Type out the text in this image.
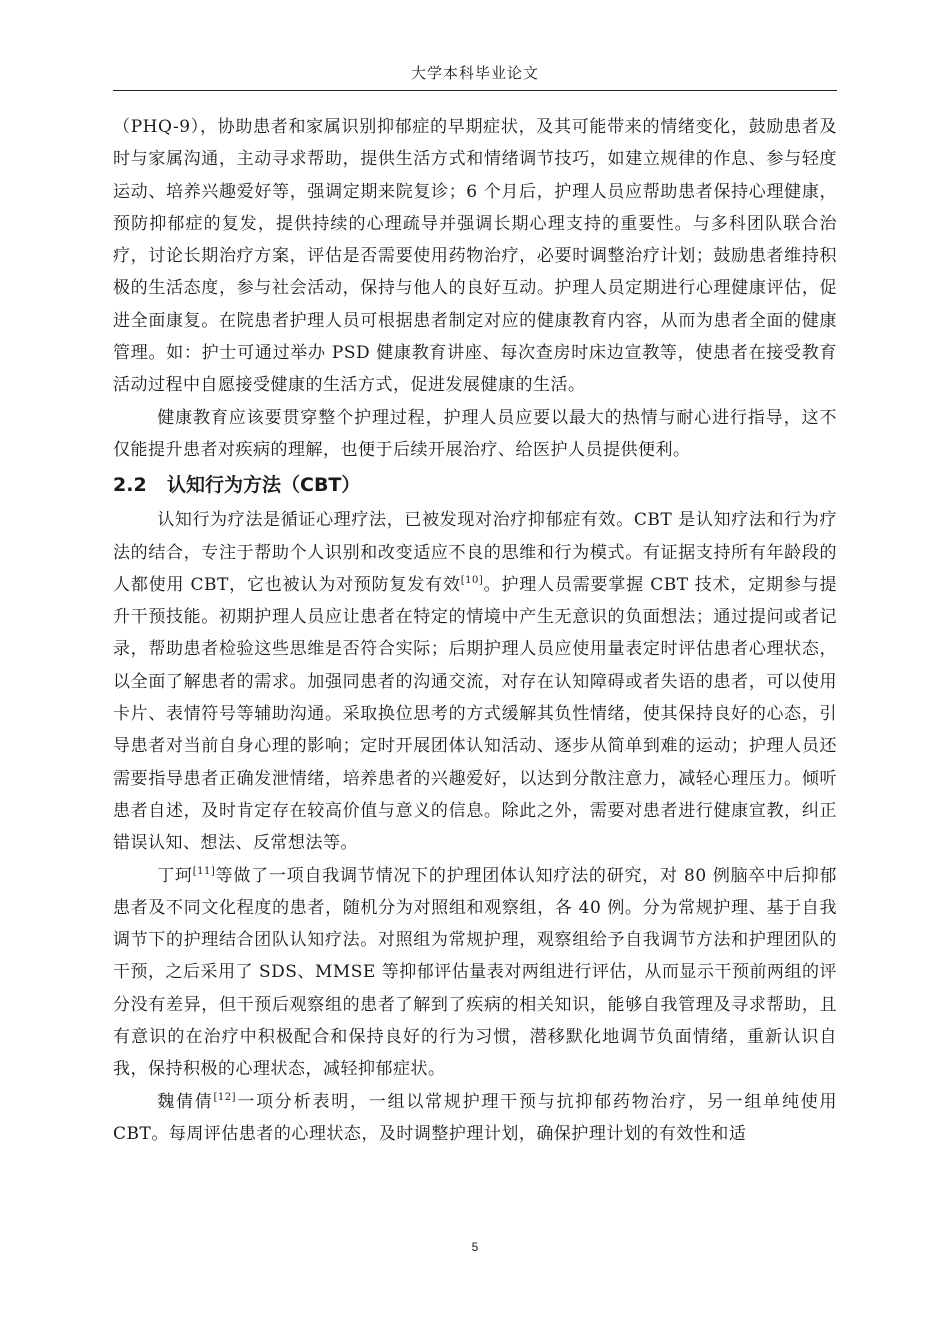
大学本科毕业论文

（PHQ-9），协助患者和家属识别抑郁症的早期症状，及其可能带来的情绪变化，鼓励患者及时与家属沟通，主动寻求帮助，提供生活方式和情绪调节技巧，如建立规律的作息、参与轻度运动、培养兴趣爱好等，强调定期来院复诊；6 个月后，护理人员应帮助患者保持心理健康，预防抑郁症的复发，提供持续的心理疏导并强调长期心理支持的重要性。与多科团队联合治疗，讨论长期治疗方案，评估是否需要使用药物治疗，必要时调整治疗计划；鼓励患者维持积极的生活态度，参与社会活动，保持与他人的良好互动。护理人员定期进行心理健康评估，促进全面康复。在院患者护理人员可根据患者制定对应的健康教育内容，从而为患者全面的健康管理。如：护士可通过举办 PSD 健康教育讲座、每次查房时床边宣教等，使患者在接受教育活动过程中自愿接受健康的生活方式，促进发展健康的生活。

健康教育应该要贯穿整个护理过程，护理人员应要以最大的热情与耐心进行指导，这不仅能提升患者对疾病的理解，也便于后续开展治疗、给医护人员提供便利。

2.2 认知行为方法（CBT）

认知行为疗法是循证心理疗法，已被发现对治疗抑郁症有效。CBT 是认知疗法和行为疗法的结合，专注于帮助个人识别和改变适应不良的思维和行为模式。有证据支持所有年龄段的人都使用 CBT，它也被认为对预防复发有效[10]。护理人员需要掌握 CBT 技术，定期参与提升干预技能。初期护理人员应让患者在特定的情境中产生无意识的负面想法；通过提问或者记录，帮助患者检验这些思维是否符合实际；后期护理人员应使用量表定时评估患者心理状态，以全面了解患者的需求。加强同患者的沟通交流，对存在认知障碍或者失语的患者，可以使用卡片、表情符号等辅助沟通。采取换位思考的方式缓解其负性情绪，使其保持良好的心态，引导患者对当前自身心理的影响；定时开展团体认知活动、逐步从简单到难的运动；护理人员还需要指导患者正确发泄情绪，培养患者的兴趣爱好，以达到分散注意力，减轻心理压力。倾听患者自述，及时肯定存在较高价值与意义的信息。除此之外，需要对患者进行健康宣教，纠正错误认知、想法、反常想法等。

丁珂[11]等做了一项自我调节情况下的护理团体认知疗法的研究，对 80 例脑卒中后抑郁患者及不同文化程度的患者，随机分为对照组和观察组，各 40 例。分为常规护理、基于自我调节下的护理结合团队认知疗法。对照组为常规护理，观察组给予自我调节方法和护理团队的干预，之后采用了 SDS、MMSE 等抑郁评估量表对两组进行评估，从而显示干预前两组的评分没有差异，但干预后观察组的患者了解到了疾病的相关知识，能够自我管理及寻求帮助，且有意识的在治疗中积极配合和保持良好的行为习惯，潜移默化地调节负面情绪，重新认识自我，保持积极的心理状态，减轻抑郁症状。

魏倩倩[12]一项分析表明，一组以常规护理干预与抗抑郁药物治疗，另一组单纯使用 CBT。每周评估患者的心理状态，及时调整护理计划，确保护理计划的有效性和适

5
